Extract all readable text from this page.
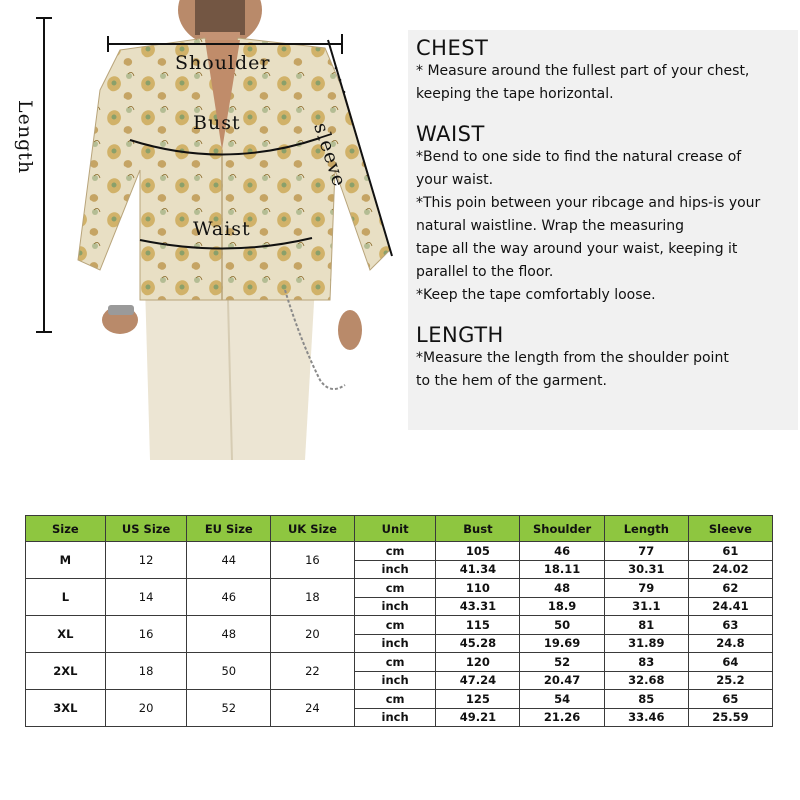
Shoulder
Bust
Waist
Length	sleeve
CHEST

* Measure around the fullest part of your chest,

keeping the tape horizontal.

WAIST

*Bend to one side to find the natural crease of

your waist.

*This poin between your ribcage and hips-is your

natural waistline. Wrap the measuring

tape all the way around your waist, keeping it

parallel to the floor.

*Keep the tape comfortably loose.

LENGTH

*Measure the length from the shoulder point

to the hem of the garment.

Size	US Size	EU Size	UK Size	Unit	Bust	Shoulder	Length	Sleeve
M	12	44	16	cm	105	46	77	61
				inch	41.34	18.11	30.31	24.02
L	14	46	18	cm	110	48	79	62
				inch	43.31	18.9	31.1	24.41
XL	16	48	20	cm	115	50	81	63
				inch	45.28	19.69	31.89	24.8
2XL	18	50	22	cm	120	52	83	64
				inch	47.24	20.47	32.68	25.2
3XL	20	52	24	cm	125	54	85	65
				inch	49.21	21.26	33.46	25.59
